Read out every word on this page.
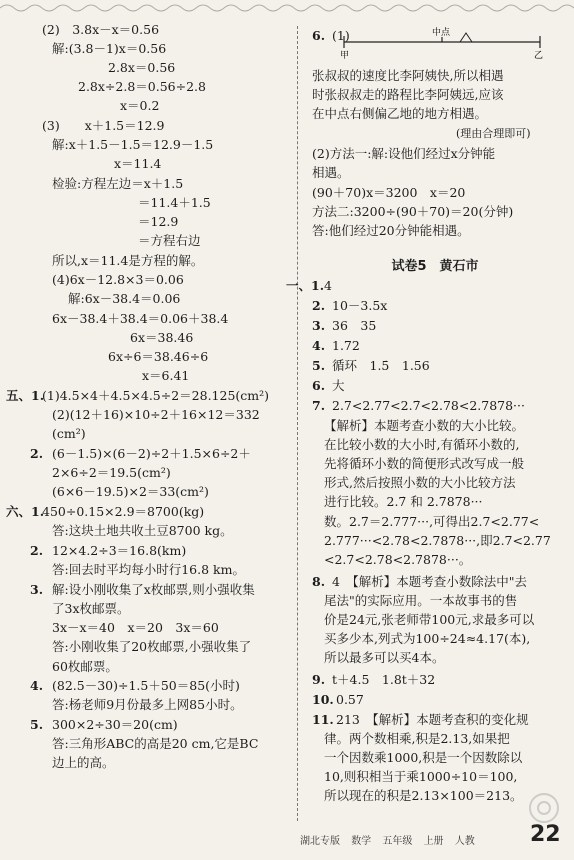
(2)　3.8x－x＝0.56
解:(3.8－1)x＝0.56
2.8x＝0.56
2.8x÷2.8＝0.56÷2.8
x＝0.2
(3)　　x＋1.5＝12.9
解:x＋1.5－1.5＝12.9－1.5
x＝11.4
检验:方程左边＝x＋1.5
＝11.4＋1.5
＝12.9
＝方程右边
所以,x＝11.4是方程的解。
(4)6x－12.8×3＝0.06
解:6x－38.4＝0.06
6x－38.4＋38.4＝0.06＋38.4
6x＝38.46
6x÷6＝38.46÷6
x＝6.41
五、1.
(1)4.5×4＋4.5×4.5÷2＝28.125(cm²)
(2)(12＋16)×10÷2＋16×12＝332
(cm²)
2. (6－1.5)×(6－2)÷2＋1.5×6÷2＋
2×6÷2＝19.5(cm²)
(6×6－19.5)×2＝33(cm²)
六、1.
450÷0.15×2.9＝8700(kg)
答:这块土地共收土豆8700 kg。
2. 12×4.2÷3＝16.8(km)
答:回去时平均每小时行16.8 km。
3. 解:设小刚收集了x枚邮票,则小强收集
了3x枚邮票。
3x－x＝40　x＝20　3x＝60
答:小刚收集了20枚邮票,小强收集了
60枚邮票。
4. (82.5－30)÷1.5＋50＝85(小时)
答:杨老师9月份最多上网85小时。
5. 300×2÷30＝20(cm)
答:三角形ABC的高是20 cm,它是BC
边上的高。
6. (1)
甲
中点
乙
张叔叔的速度比李阿姨快,所以相遇
时张叔叔走的路程比李阿姨远,应该
在中点右侧偏乙地的地方相遇。
(理由合理即可)
(2)方法一:解:设他们经过x分钟能
相遇。
(90＋70)x＝3200　x＝20
方法二:3200÷(90＋70)＝20(分钟)
答:他们经过20分钟能相遇。
试卷5　黄石市
一、1. 4
2. 10－3.5x
3. 36　35
4. 1.72
5. 循环　1.5̇　1.56
6. 大
7. 2.7<2.77<2.7̇<2.78<2.7878···
【解析】本题考查小数的大小比较。
在比较小数的大小时,有循环小数的,
先将循环小数的简便形式改写成一般
形式,然后按照小数的大小比较方法
进行比较。2.7̇ 和 2.7878···
数。2.7̇＝2.777···,可得出2.7<2.77<
2.777···<2.78<2.7878···,即2.7<2.77
<2.7̇<2.78<2.7878···。
8. 4　【解析】本题考查小数除法中"去
尾法"的实际应用。一本故事书的售
价是24元,张老师带100元,求最多可以
买多少本,列式为100÷24≈4.17(本),
所以最多可以买4本。
9. t＋4.5　1.8t＋32
10. 0.57
11. 213　【解析】本题考查积的变化规
律。两个数相乘,积是2.13,如果把
一个因数乘1000,积是一个因数除以
10,则积相当于乘1000÷10＝100,
所以现在的积是2.13×100＝213。
湖北专版 数学 五年级 上册 人教	22
